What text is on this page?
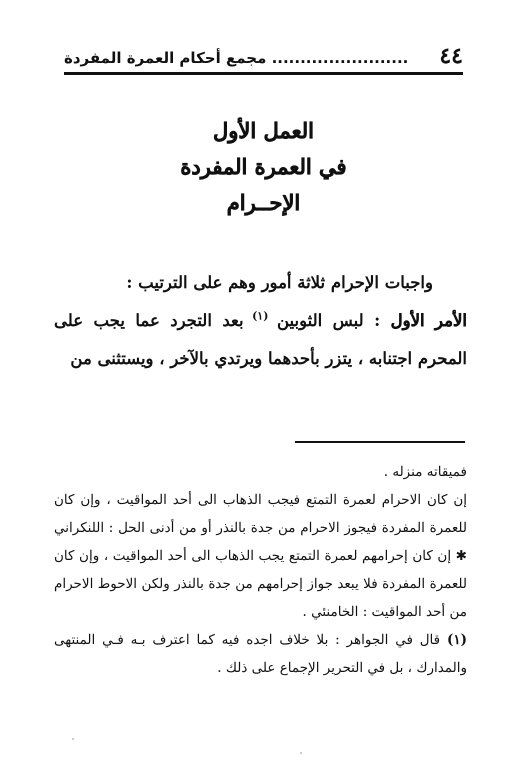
٤٤
........................ مجمع أحكام العمرة المفردة
العمل الأول
في العمرة المفردة
الإحــرام

واجبات الإحرام ثلاثة أمور وهم على الترتيب :

الأمر الأول : لبس الثوبين $^{(١)}$ بعد التجرد عما يجب على المحرم اجتنابه ، يتزر بأحدهما ويرتدي بالآخر ، ويستثنى من

فميقاته منزله .

إن كان الاحرام لعمرة التمتع فيجب الذهاب الى أحد المواقيت ، وإن كان للعمرة المفردة فيجوز الاحرام من جدة بالنذر أو من أدنى الحل : اللنكراني ✱ إن كان إحرامهم لعمرة التمتع يجب الذهاب الى أحد المواقيت ، وإن كان للعمرة المفردة فلا يبعد جواز إحرامهم من جدة بالنذر ولكن الاحوط الاحرام من أحد المواقيت : الخامنئي .

(١) قال في الجواهر : بلا خلاف اجده فيه كما اعترف بـه فـي المنتهى والمدارك ، بل في التحرير الإجماع على ذلك .
